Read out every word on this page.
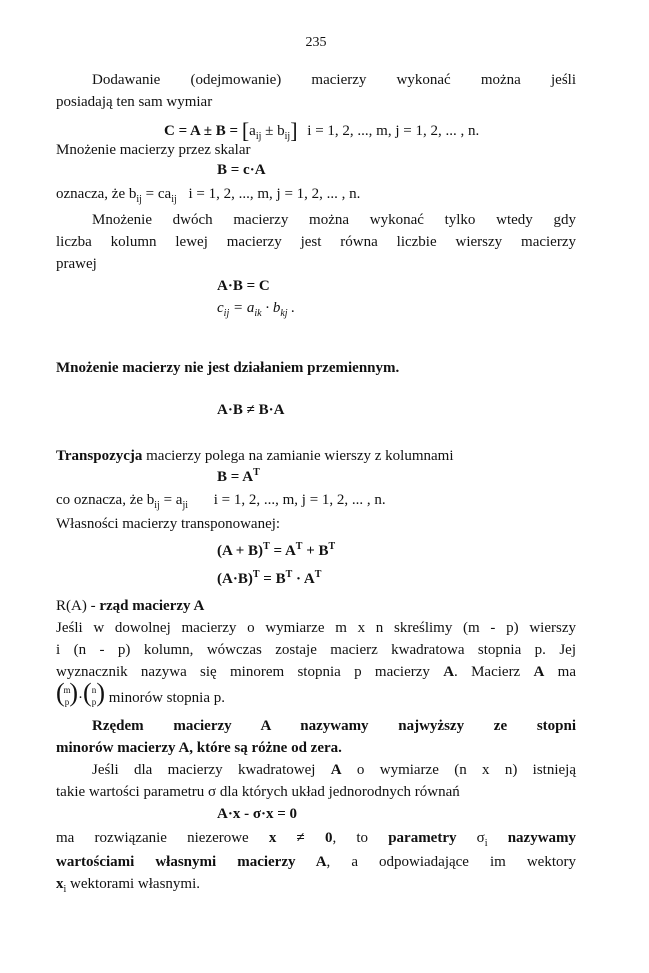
235
Dodawanie (odejmowanie) macierzy wykonać można jeśli
posiadają ten sam wymiar
$C = A \pm B = [a_{ij} \pm b_{ij}] i = 1$, 2, ..., m, j = 1, 2, ... , n.
Mnożenie macierzy przez skalar
B = c·A
oznacza, że $b_{ij} = ca_{ij}$ i = 1, 2, ..., m, j = 1, 2, ... , n.
Mnożenie dwóch macierzy można wykonać tylko wtedy gdy
liczba kolumn lewej macierzy jest równa liczbie wierszy macierzy
prawej
A·B = C
$c_{ij} = a_{ik} \cdot b_{kj}$ .
Mnożenie macierzy nie jest działaniem przemiennym.
A·B ≠ B·A
Transpozycja macierzy polega na zamianie wierszy z kolumnami
$B = A^T$
co oznacza, że $b_{ij} = a_{ji}$ i = 1, 2, ..., m, j = 1, 2, ... , n.
Własności macierzy transponowanej:
$(A + B)^T = A^T + B^T$
$(A\cdot B)^T = B^T \cdot A^T$
R(A) - rząd macierzy A
Jeśli w dowolnej macierzy o wymiarze m x n skreślimy (m - p) wierszy
i (n - p) kolumn, wówczas zostaje macierz kwadratowa stopnia p. Jej
wyznacznik nazywa się minorem stopnia p macierzy A. Macierz A ma
(
m
p ) · ( n
p ) minorów stopnia p.
Rzędem macierzy A nazywamy najwyższy ze stopni
minorów macierzy A, które są różne od zera.
Jeśli dla macierzy kwadratowej A o wymiarze (n x n) istnieją
takie wartości parametru σ dla których układ jednorodnych równań
A·x - σ·x = 0
ma rozwiązanie niezerowe x ≠ 0, to parametry $\sigma_i$ nazywamy
wartościami własnymi macierzy A, a odpowiadające im wektory
$x_i$ wektorami własnymi.
